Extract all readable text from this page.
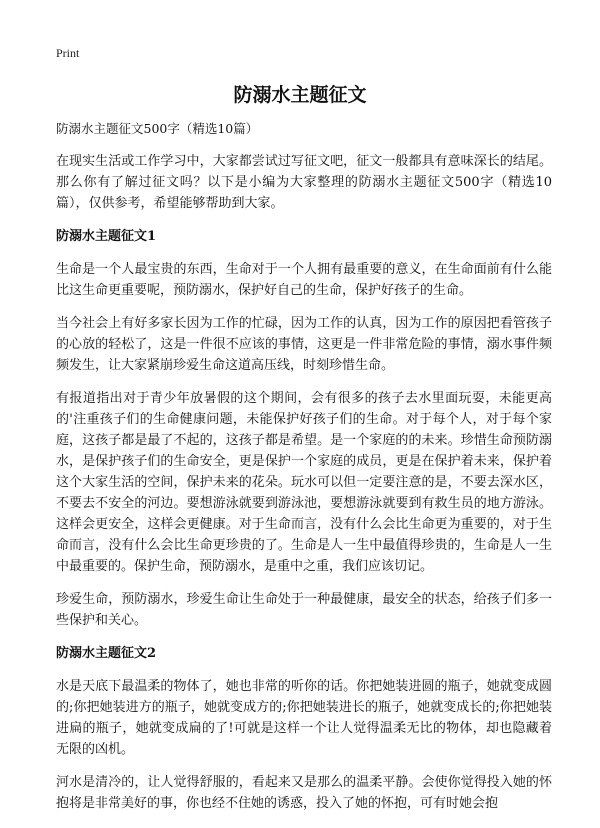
Print
防溺水主题征文

防溺水主题征文500字（精选10篇）

在现实生活或工作学习中，大家都尝试过写征文吧，征文一般都具有意味深长的结尾。那么你有了解过征文吗？以下是小编为大家整理的防溺水主题征文500字（精选10篇），仅供参考，希望能够帮助到大家。

防溺水主题征文1

生命是一个人最宝贵的东西，生命对于一个人拥有最重要的意义，在生命面前有什么能比这生命更重要呢，预防溺水，保护好自己的生命，保护好孩子的生命。

当今社会上有好多家长因为工作的忙碌，因为工作的认真，因为工作的原因把看管孩子的心放的轻松了，这是一件很不应该的事情，这更是一件非常危险的事情，溺水事件频频发生，让大家紧崩珍爱生命这道高压线，时刻珍惜生命。

有报道指出对于青少年放暑假的这个期间，会有很多的孩子去水里面玩耍，未能更高的'注重孩子们的生命健康问题，未能保护好孩子们的生命。对于每个人，对于每个家庭，这孩子都是最了不起的，这孩子都是希望。是一个家庭的的未来。珍惜生命预防溺水，是保护孩子们的生命安全，更是保护一个家庭的成员，更是在保护着未来，保护着这个大家生活的空间，保护未来的花朵。玩水可以但一定要注意的是，不要去深水区，不要去不安全的河边。要想游泳就要到游泳池，要想游泳就要到有救生员的地方游泳。这样会更安全，这样会更健康。对于生命而言，没有什么会比生命更为重要的，对于生命而言，没有什么会比生命更珍贵的了。生命是人一生中最值得珍贵的，生命是人一生中最重要的。保护生命，预防溺水，是重中之重，我们应该切记。

珍爱生命，预防溺水，珍爱生命让生命处于一种最健康，最安全的状态，给孩子们多一些保护和关心。

防溺水主题征文2

水是天底下最温柔的物体了，她也非常的听你的话。你把她装进圆的瓶子，她就变成圆的;你把她装进方的瓶子，她就变成方的;你把她装进长的瓶子，她就变成长的;你把她装进扁的瓶子，她就变成扁的了!可就是这样一个让人觉得温柔无比的物体，却也隐藏着无限的凶机。

河水是清冷的，让人觉得舒服的，看起来又是那么的温柔平静。会使你觉得投入她的怀抱将是非常美好的事，你也经不住她的诱惑，投入了她的怀抱，可有时她会抱
